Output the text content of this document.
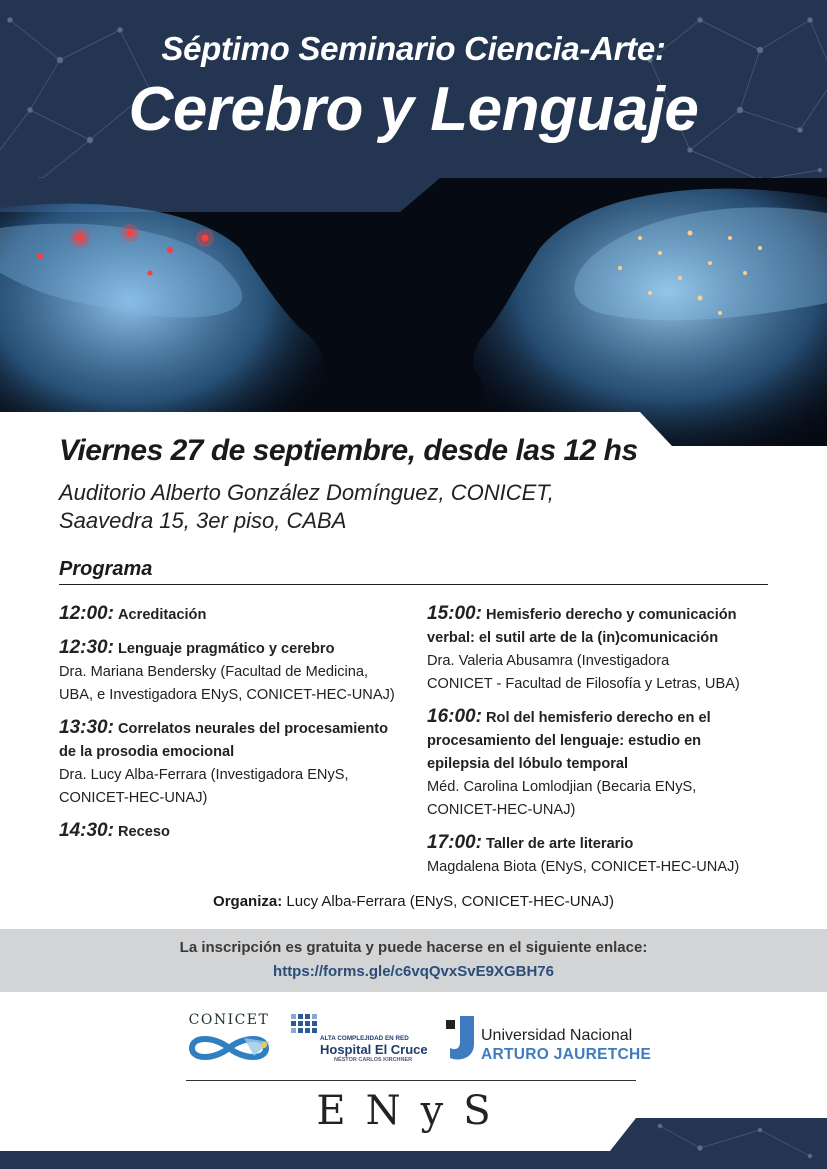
Séptimo Seminario Ciencia-Arte:
Cerebro y Lenguaje
Viernes 27 de septiembre, desde las 12 hs
Auditorio Alberto González Domínguez, CONICET,
Saavedra 15, 3er piso, CABA
Programa
12:00: Acreditación
12:30: Lenguaje pragmático y cerebro
Dra. Mariana Bendersky (Facultad de Medicina,
UBA, e Investigadora ENyS, CONICET-HEC-UNAJ)
13:30: Correlatos neurales del procesamiento
de la prosodia emocional
Dra. Lucy Alba-Ferrara (Investigadora ENyS,
CONICET-HEC-UNAJ)
14:30: Receso
15:00: Hemisferio derecho y comunicación
verbal: el sutil arte de la (in)comunicación
Dra. Valeria Abusamra (Investigadora
CONICET - Facultad de Filosofía y Letras, UBA)
16:00: Rol del hemisferio derecho en el
procesamiento del lenguaje: estudio en
epilepsia del lóbulo temporal
Méd. Carolina Lomlodjian (Becaria ENyS,
CONICET-HEC-UNAJ)
17:00: Taller de arte literario
Magdalena Biota (ENyS, CONICET-HEC-UNAJ)
Organiza: Lucy Alba-Ferrara (ENyS, CONICET-HEC-UNAJ)
La inscripción es gratuita y puede hacerse en el siguiente enlace:
https://forms.gle/c6vqQvxSvE9XGBH76
CONICET
ALTA COMPLEJIDAD EN RED
Hospital El Cruce
NÉSTOR CARLOS KIRCHNER
Universidad Nacional
ARTURO JAURETCHE
ENyS
